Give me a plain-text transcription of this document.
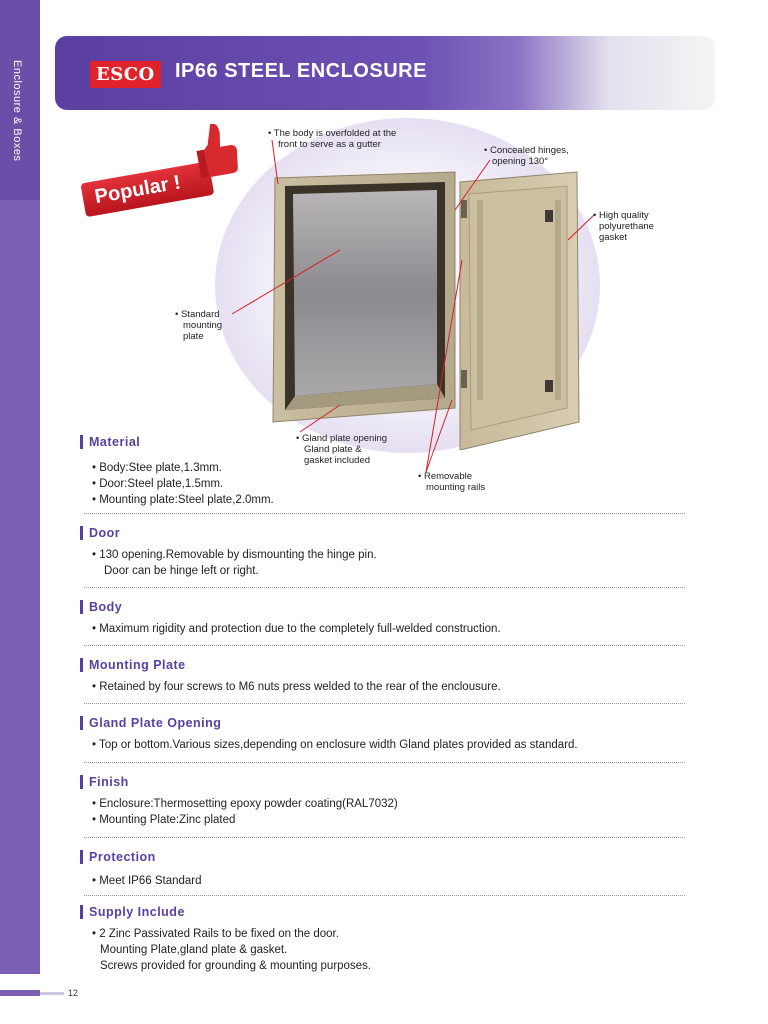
Enclosure & Boxes
12
ESCO	IP66 STEEL ENCLOSURE
Popular !
• The body is overfolded at the
front to serve as a gutter
• Concealed hinges,
opening 130°
• High quality
polyurethane
gasket
• Standard
mounting
plate
• Gland plate opening
Gland plate &
gasket included
• Removable
mounting rails
Material
• Body:Stee plate,1.3mm.
• Door:Steel plate,1.5mm.
• Mounting plate:Steel plate,2.0mm.
Door
• 130 opening.Removable by dismounting the hinge pin.
Door can be hinge left or right.
Body
• Maximum rigidity and protection due to the completely full-welded construction.
Mounting Plate
• Retained by four screws to M6 nuts press welded to the rear of the enclousure.
Gland Plate Opening
• Top or bottom.Various sizes,depending on enclosure width Gland plates provided as standard.
Finish
• Enclosure:Thermosetting epoxy powder coating(RAL7032)
• Mounting Plate:Zinc plated
Protection
• Meet IP66 Standard
Supply Include
• 2 Zinc Passivated Rails to be fixed on the door.
Mounting Plate,gland plate & gasket.
Screws provided for grounding & mounting purposes.
